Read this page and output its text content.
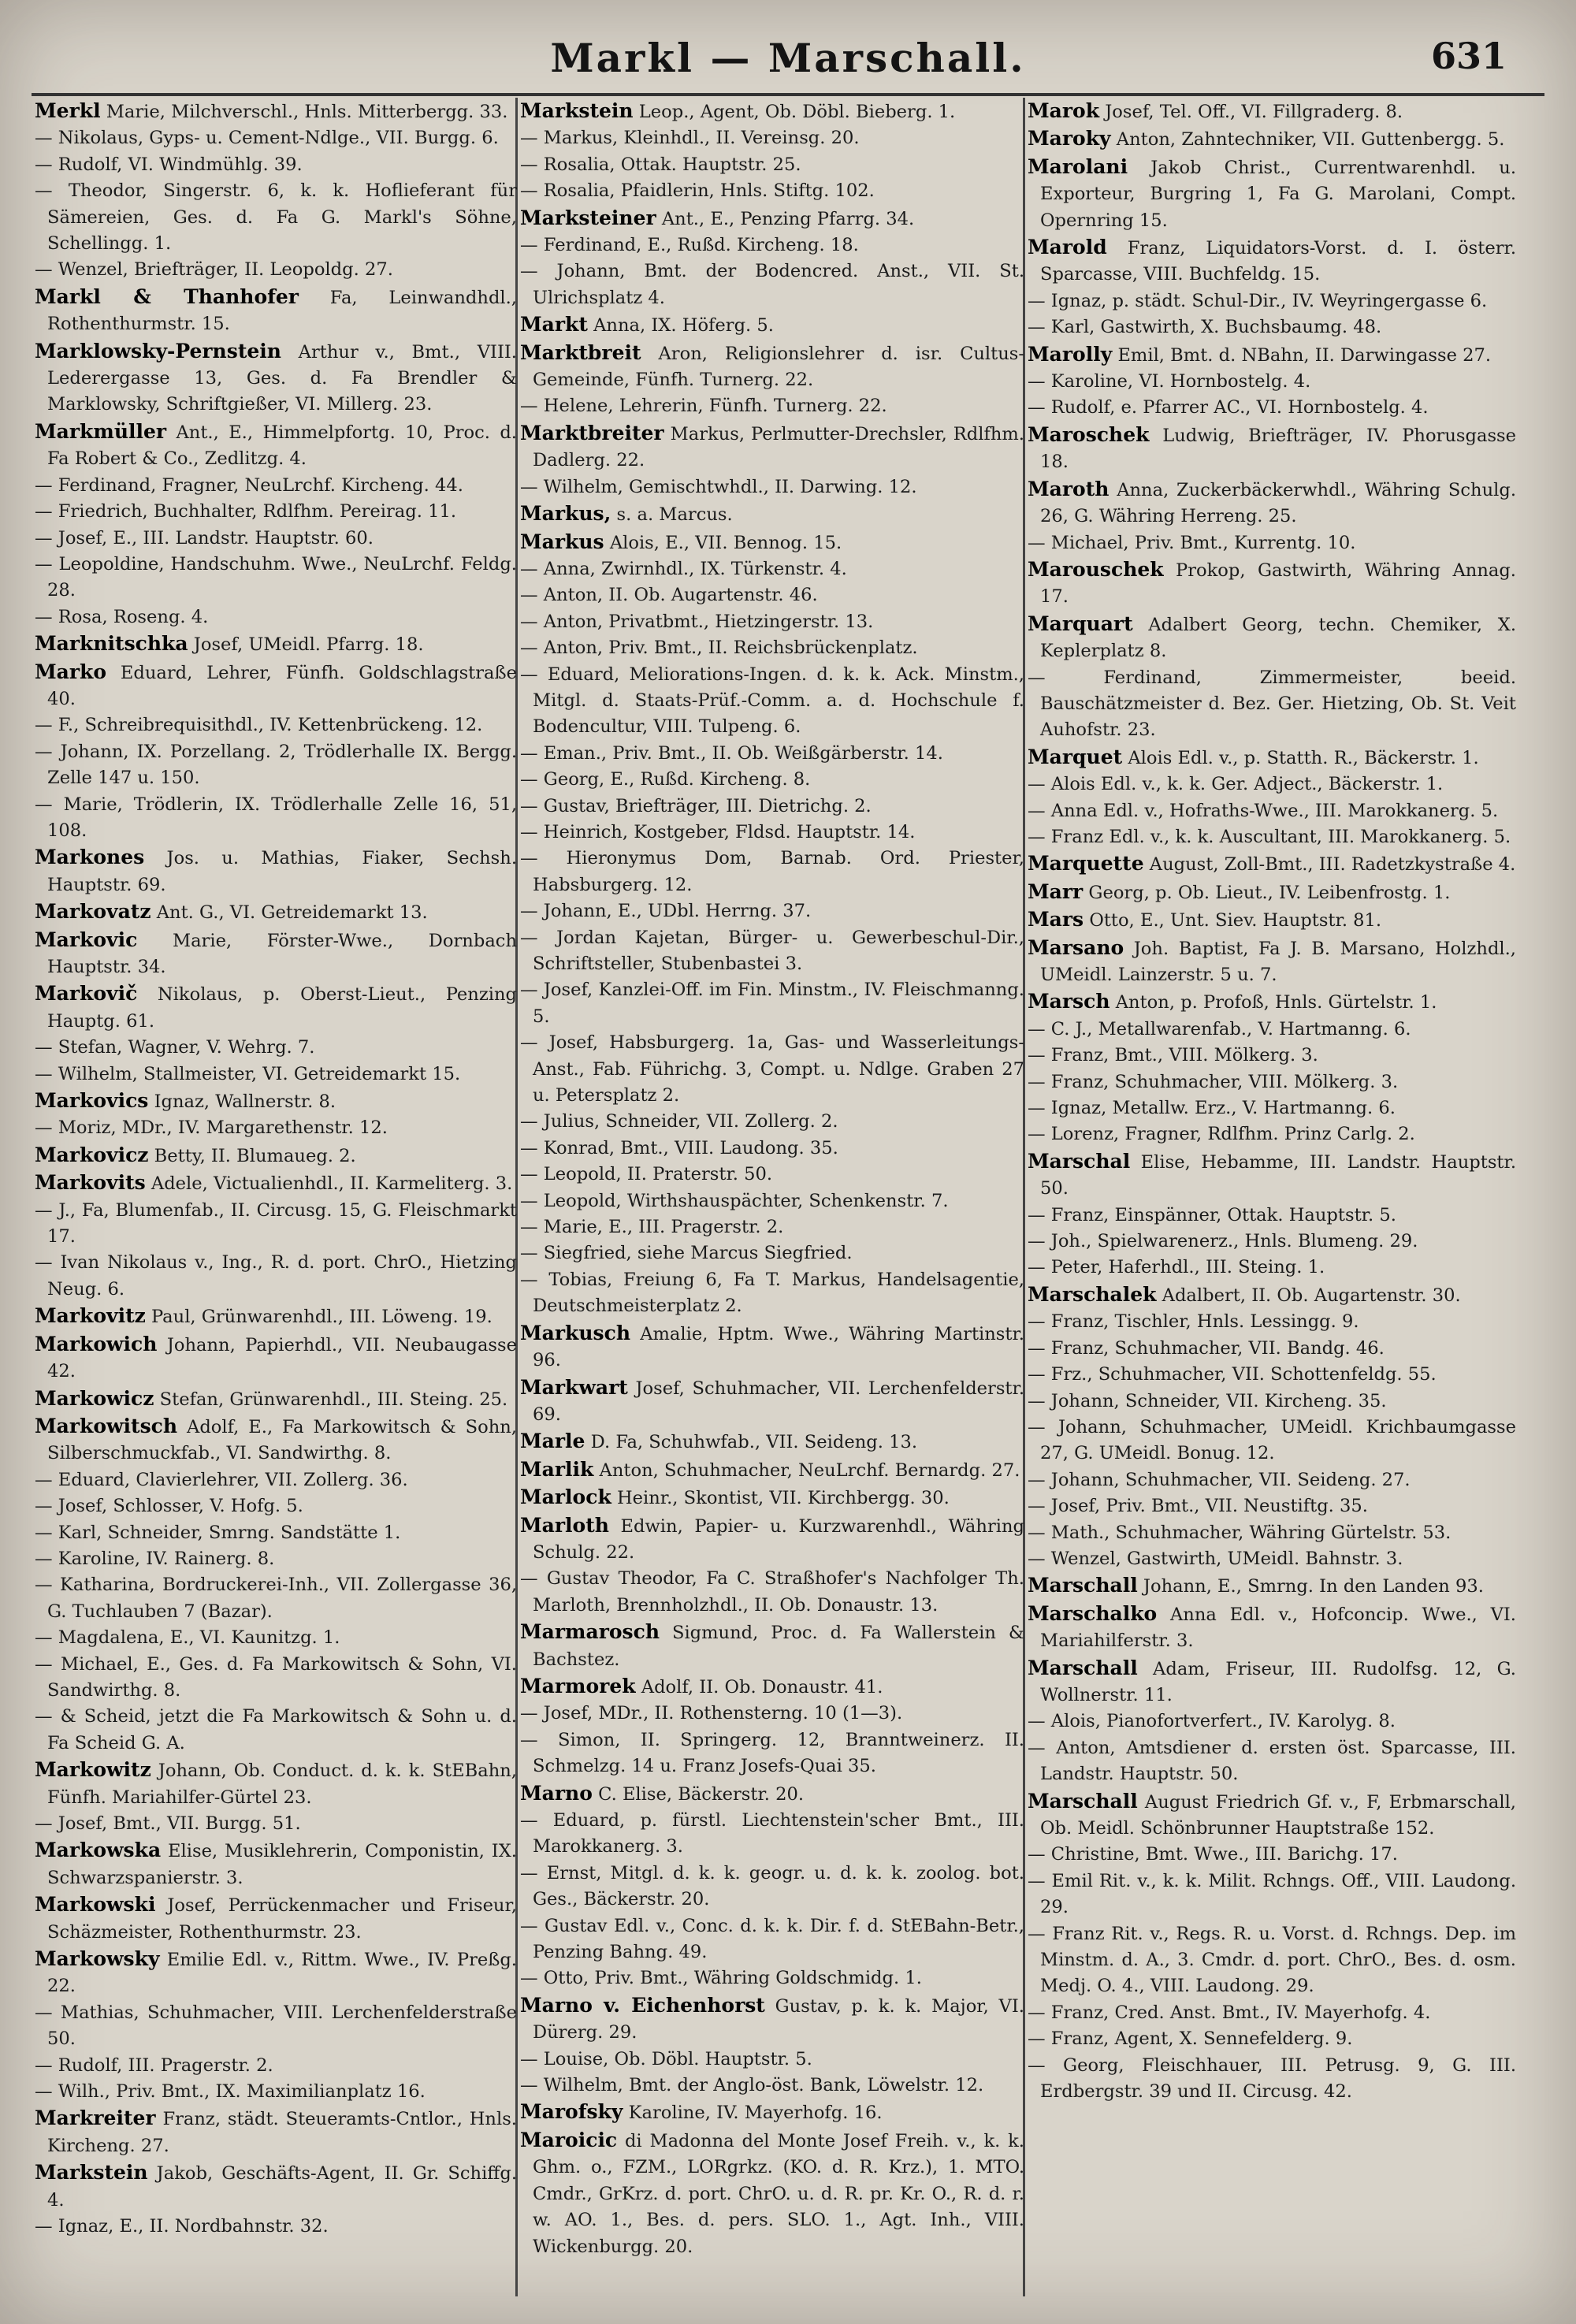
Markl — Marschall.	631
Merkl Marie, Milchverschl., Hnls. Mitterbergg. 33.
— Nikolaus, Gyps- u. Cement-Ndlge., VII. Burgg. 6.
— Rudolf, VI. Windmühlg. 39.
— Theodor, Singerstr. 6, k. k. Hoflieferant für Sämereien, Ges. d. Fa G. Markl's Söhne, Schellingg. 1.
— Wenzel, Briefträger, II. Leopoldg. 27.
Markl & Thanhofer Fa, Leinwandhdl., Rothenthurmstr. 15.
Marklowsky-Pernstein Arthur v., Bmt., VIII. Lederergasse 13, Ges. d. Fa Brendler & Marklowsky, Schriftgießer, VI. Millerg. 23.
Markmüller Ant., E., Himmelpfortg. 10, Proc. d. Fa Robert & Co., Zedlitzg. 4.
— Ferdinand, Fragner, NeuLrchf. Kircheng. 44.
— Friedrich, Buchhalter, Rdlfhm. Pereirag. 11.
— Josef, E., III. Landstr. Hauptstr. 60.
— Leopoldine, Handschuhm. Wwe., NeuLrchf. Feldg. 28.
— Rosa, Roseng. 4.
Marknitschka Josef, UMeidl. Pfarrg. 18.
Marko Eduard, Lehrer, Fünfh. Goldschlagstraße 40.
— F., Schreibrequisithdl., IV. Kettenbrückeng. 12.
— Johann, IX. Porzellang. 2, Trödlerhalle IX. Bergg. Zelle 147 u. 150.
— Marie, Trödlerin, IX. Trödlerhalle Zelle 16, 51, 108.
Markones Jos. u. Mathias, Fiaker, Sechsh. Hauptstr. 69.
Markovatz Ant. G., VI. Getreidemarkt 13.
Markovic Marie, Förster-Wwe., Dornbach Hauptstr. 34.
Markovič Nikolaus, p. Oberst-Lieut., Penzing Hauptg. 61.
— Stefan, Wagner, V. Wehrg. 7.
— Wilhelm, Stallmeister, VI. Getreidemarkt 15.
Markovics Ignaz, Wallnerstr. 8.
— Moriz, MDr., IV. Margarethenstr. 12.
Markovicz Betty, II. Blumaueg. 2.
Markovits Adele, Victualienhdl., II. Karmeliterg. 3.
— J., Fa, Blumenfab., II. Circusg. 15, G. Fleischmarkt 17.
— Ivan Nikolaus v., Ing., R. d. port. ChrO., Hietzing Neug. 6.
Markovitz Paul, Grünwarenhdl., III. Löweng. 19.
Markowich Johann, Papierhdl., VII. Neubaugasse 42.
Markowicz Stefan, Grünwarenhdl., III. Steing. 25.
Markowitsch Adolf, E., Fa Markowitsch & Sohn, Silberschmuckfab., VI. Sandwirthg. 8.
— Eduard, Clavierlehrer, VII. Zollerg. 36.
— Josef, Schlosser, V. Hofg. 5.
— Karl, Schneider, Smrng. Sandstätte 1.
— Karoline, IV. Rainerg. 8.
— Katharina, Bordruckerei-Inh., VII. Zollergasse 36, G. Tuchlauben 7 (Bazar).
— Magdalena, E., VI. Kaunitzg. 1.
— Michael, E., Ges. d. Fa Markowitsch & Sohn, VI. Sandwirthg. 8.
— & Scheid, jetzt die Fa Markowitsch & Sohn u. d. Fa Scheid G. A.
Markowitz Johann, Ob. Conduct. d. k. k. StEBahn, Fünfh. Mariahilfer-Gürtel 23.
— Josef, Bmt., VII. Burgg. 51.
Markowska Elise, Musiklehrerin, Componistin, IX. Schwarzspanierstr. 3.
Markowski Josef, Perrückenmacher und Friseur, Schäzmeister, Rothenthurmstr. 23.
Markowsky Emilie Edl. v., Rittm. Wwe., IV. Preßg. 22.
— Mathias, Schuhmacher, VIII. Lerchenfelderstraße 50.
— Rudolf, III. Pragerstr. 2.
— Wilh., Priv. Bmt., IX. Maximilianplatz 16.
Markreiter Franz, städt. Steueramts-Cntlor., Hnls. Kircheng. 27.
Markstein Jakob, Geschäfts-Agent, II. Gr. Schiffg. 4.
— Ignaz, E., II. Nordbahnstr. 32.
Markstein Leop., Agent, Ob. Döbl. Bieberg. 1.
— Markus, Kleinhdl., II. Vereinsg. 20.
— Rosalia, Ottak. Hauptstr. 25.
— Rosalia, Pfaidlerin, Hnls. Stiftg. 102.
Marksteiner Ant., E., Penzing Pfarrg. 34.
— Ferdinand, E., Rußd. Kircheng. 18.
— Johann, Bmt. der Bodencred. Anst., VII. St. Ulrichsplatz 4.
Markt Anna, IX. Höferg. 5.
Marktbreit Aron, Religionslehrer d. isr. Cultus-Gemeinde, Fünfh. Turnerg. 22.
— Helene, Lehrerin, Fünfh. Turnerg. 22.
Marktbreiter Markus, Perlmutter-Drechsler, Rdlfhm. Dadlerg. 22.
— Wilhelm, Gemischtwhdl., II. Darwing. 12.
Markus, s. a. Marcus.
Markus Alois, E., VII. Bennog. 15.
— Anna, Zwirnhdl., IX. Türkenstr. 4.
— Anton, II. Ob. Augartenstr. 46.
— Anton, Privatbmt., Hietzingerstr. 13.
— Anton, Priv. Bmt., II. Reichsbrückenplatz.
— Eduard, Meliorations-Ingen. d. k. k. Ack. Minstm., Mitgl. d. Staats-Prüf.-Comm. a. d. Hochschule f. Bodencultur, VIII. Tulpeng. 6.
— Eman., Priv. Bmt., II. Ob. Weißgärberstr. 14.
— Georg, E., Rußd. Kircheng. 8.
— Gustav, Briefträger, III. Dietrichg. 2.
— Heinrich, Kostgeber, Fldsd. Hauptstr. 14.
— Hieronymus Dom, Barnab. Ord. Priester, Habsburgerg. 12.
— Johann, E., UDbl. Herrng. 37.
— Jordan Kajetan, Bürger- u. Gewerbeschul-Dir., Schriftsteller, Stubenbastei 3.
— Josef, Kanzlei-Off. im Fin. Minstm., IV. Fleischmanng. 5.
— Josef, Habsburgerg. 1a, Gas- und Wasserleitungs-Anst., Fab. Führichg. 3, Compt. u. Ndlge. Graben 27 u. Petersplatz 2.
— Julius, Schneider, VII. Zollerg. 2.
— Konrad, Bmt., VIII. Laudong. 35.
— Leopold, II. Praterstr. 50.
— Leopold, Wirthshauspächter, Schenkenstr. 7.
— Marie, E., III. Pragerstr. 2.
— Siegfried, siehe Marcus Siegfried.
— Tobias, Freiung 6, Fa T. Markus, Handelsagentie, Deutschmeisterplatz 2.
Markusch Amalie, Hptm. Wwe., Währing Martinstr. 96.
Markwart Josef, Schuhmacher, VII. Lerchenfelderstr. 69.
Marle D. Fa, Schuhwfab., VII. Seideng. 13.
Marlik Anton, Schuhmacher, NeuLrchf. Bernardg. 27.
Marlock Heinr., Skontist, VII. Kirchbergg. 30.
Marloth Edwin, Papier- u. Kurzwarenhdl., Währing Schulg. 22.
— Gustav Theodor, Fa C. Straßhofer's Nachfolger Th. Marloth, Brennholzhdl., II. Ob. Donaustr. 13.
Marmarosch Sigmund, Proc. d. Fa Wallerstein & Bachstez.
Marmorek Adolf, II. Ob. Donaustr. 41.
— Josef, MDr., II. Rothensterng. 10 (1—3).
— Simon, II. Springerg. 12, Branntweinerz. II. Schmelzg. 14 u. Franz Josefs-Quai 35.
Marno C. Elise, Bäckerstr. 20.
— Eduard, p. fürstl. Liechtenstein'scher Bmt., III. Marokkanerg. 3.
— Ernst, Mitgl. d. k. k. geogr. u. d. k. k. zoolog. bot. Ges., Bäckerstr. 20.
— Gustav Edl. v., Conc. d. k. k. Dir. f. d. StEBahn-Betr., Penzing Bahng. 49.
— Otto, Priv. Bmt., Währing Goldschmidg. 1.
Marno v. Eichenhorst Gustav, p. k. k. Major, VI. Dürerg. 29.
— Louise, Ob. Döbl. Hauptstr. 5.
— Wilhelm, Bmt. der Anglo-öst. Bank, Löwelstr. 12.
Marofsky Karoline, IV. Mayerhofg. 16.
Maroicic di Madonna del Monte Josef Freih. v., k. k. Ghm. o., FZM., LORgrkz. (KO. d. R. Krz.), 1. MTO. Cmdr., GrKrz. d. port. ChrO. u. d. R. pr. Kr. O., R. d. r. w. AO. 1., Bes. d. pers. SLO. 1., Agt. Inh., VIII. Wickenburgg. 20.
Marok Josef, Tel. Off., VI. Fillgraderg. 8.
Maroky Anton, Zahntechniker, VII. Guttenbergg. 5.
Marolani Jakob Christ., Currentwarenhdl. u. Exporteur, Burgring 1, Fa G. Marolani, Compt. Opernring 15.
Marold Franz, Liquidators-Vorst. d. I. österr. Sparcasse, VIII. Buchfeldg. 15.
— Ignaz, p. städt. Schul-Dir., IV. Weyringergasse 6.
— Karl, Gastwirth, X. Buchsbaumg. 48.
Marolly Emil, Bmt. d. NBahn, II. Darwingasse 27.
— Karoline, VI. Hornbostelg. 4.
— Rudolf, e. Pfarrer AC., VI. Hornbostelg. 4.
Maroschek Ludwig, Briefträger, IV. Phorusgasse 18.
Maroth Anna, Zuckerbäckerwhdl., Währing Schulg. 26, G. Währing Herreng. 25.
— Michael, Priv. Bmt., Kurrentg. 10.
Marouschek Prokop, Gastwirth, Währing Annag. 17.
Marquart Adalbert Georg, techn. Chemiker, X. Keplerplatz 8.
— Ferdinand, Zimmermeister, beeid. Bauschätzmeister d. Bez. Ger. Hietzing, Ob. St. Veit Auhofstr. 23.
Marquet Alois Edl. v., p. Statth. R., Bäckerstr. 1.
— Alois Edl. v., k. k. Ger. Adject., Bäckerstr. 1.
— Anna Edl. v., Hofraths-Wwe., III. Marokkanerg. 5.
— Franz Edl. v., k. k. Auscultant, III. Marokkanerg. 5.
Marquette August, Zoll-Bmt., III. Radetzkystraße 4.
Marr Georg, p. Ob. Lieut., IV. Leibenfrostg. 1.
Mars Otto, E., Unt. Siev. Hauptstr. 81.
Marsano Joh. Baptist, Fa J. B. Marsano, Holzhdl., UMeidl. Lainzerstr. 5 u. 7.
Marsch Anton, p. Profoß, Hnls. Gürtelstr. 1.
— C. J., Metallwarenfab., V. Hartmanng. 6.
— Franz, Bmt., VIII. Mölkerg. 3.
— Franz, Schuhmacher, VIII. Mölkerg. 3.
— Ignaz, Metallw. Erz., V. Hartmanng. 6.
— Lorenz, Fragner, Rdlfhm. Prinz Carlg. 2.
Marschal Elise, Hebamme, III. Landstr. Hauptstr. 50.
— Franz, Einspänner, Ottak. Hauptstr. 5.
— Joh., Spielwarenerz., Hnls. Blumeng. 29.
— Peter, Haferhdl., III. Steing. 1.
Marschalek Adalbert, II. Ob. Augartenstr. 30.
— Franz, Tischler, Hnls. Lessingg. 9.
— Franz, Schuhmacher, VII. Bandg. 46.
— Frz., Schuhmacher, VII. Schottenfeldg. 55.
— Johann, Schneider, VII. Kircheng. 35.
— Johann, Schuhmacher, UMeidl. Krichbaumgasse 27, G. UMeidl. Bonug. 12.
— Johann, Schuhmacher, VII. Seideng. 27.
— Josef, Priv. Bmt., VII. Neustiftg. 35.
— Math., Schuhmacher, Währing Gürtelstr. 53.
— Wenzel, Gastwirth, UMeidl. Bahnstr. 3.
Marschall Johann, E., Smrng. In den Landen 93.
Marschalko Anna Edl. v., Hofconcip. Wwe., VI. Mariahilferstr. 3.
Marschall Adam, Friseur, III. Rudolfsg. 12, G. Wollnerstr. 11.
— Alois, Pianofortverfert., IV. Karolyg. 8.
— Anton, Amtsdiener d. ersten öst. Sparcasse, III. Landstr. Hauptstr. 50.
Marschall August Friedrich Gf. v., F, Erbmarschall, Ob. Meidl. Schönbrunner Hauptstraße 152.
— Christine, Bmt. Wwe., III. Barichg. 17.
— Emil Rit. v., k. k. Milit. Rchngs. Off., VIII. Laudong. 29.
— Franz Rit. v., Regs. R. u. Vorst. d. Rchngs. Dep. im Minstm. d. A., 3. Cmdr. d. port. ChrO., Bes. d. osm. Medj. O. 4., VIII. Laudong. 29.
— Franz, Cred. Anst. Bmt., IV. Mayerhofg. 4.
— Franz, Agent, X. Sennefelderg. 9.
— Georg, Fleischhauer, III. Petrusg. 9, G. III. Erdbergstr. 39 und II. Circusg. 42.
